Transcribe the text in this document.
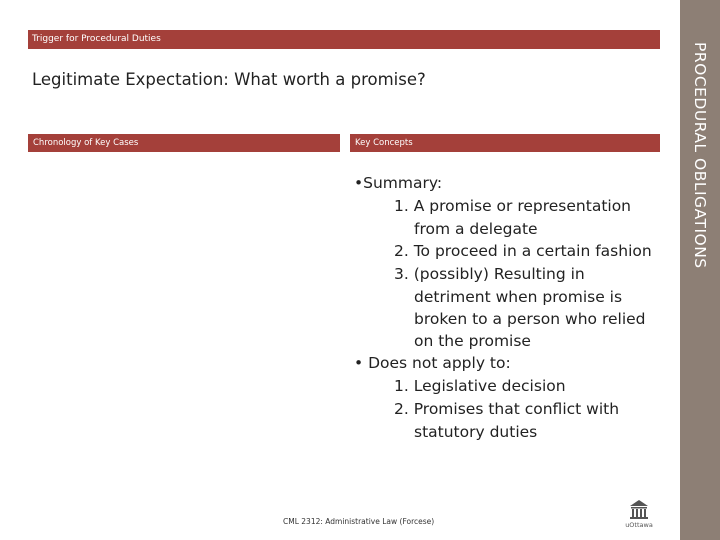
PROCEDURAL OBLIGATIONS
Trigger for Procedural Duties
Legitimate Expectation: What worth a promise?
Chronology of Key Cases	Key Concepts
•Summary:
1. A promise or representation
from a delegate
2. To proceed in a certain fashion
3. (possibly) Resulting in
detriment when promise is
broken to a person who relied
on the promise
• Does not apply to:
1. Legislative decision
2. Promises that conflict with
statutory duties
CML 2312: Administrative Law (Forcese)	uOttawa
